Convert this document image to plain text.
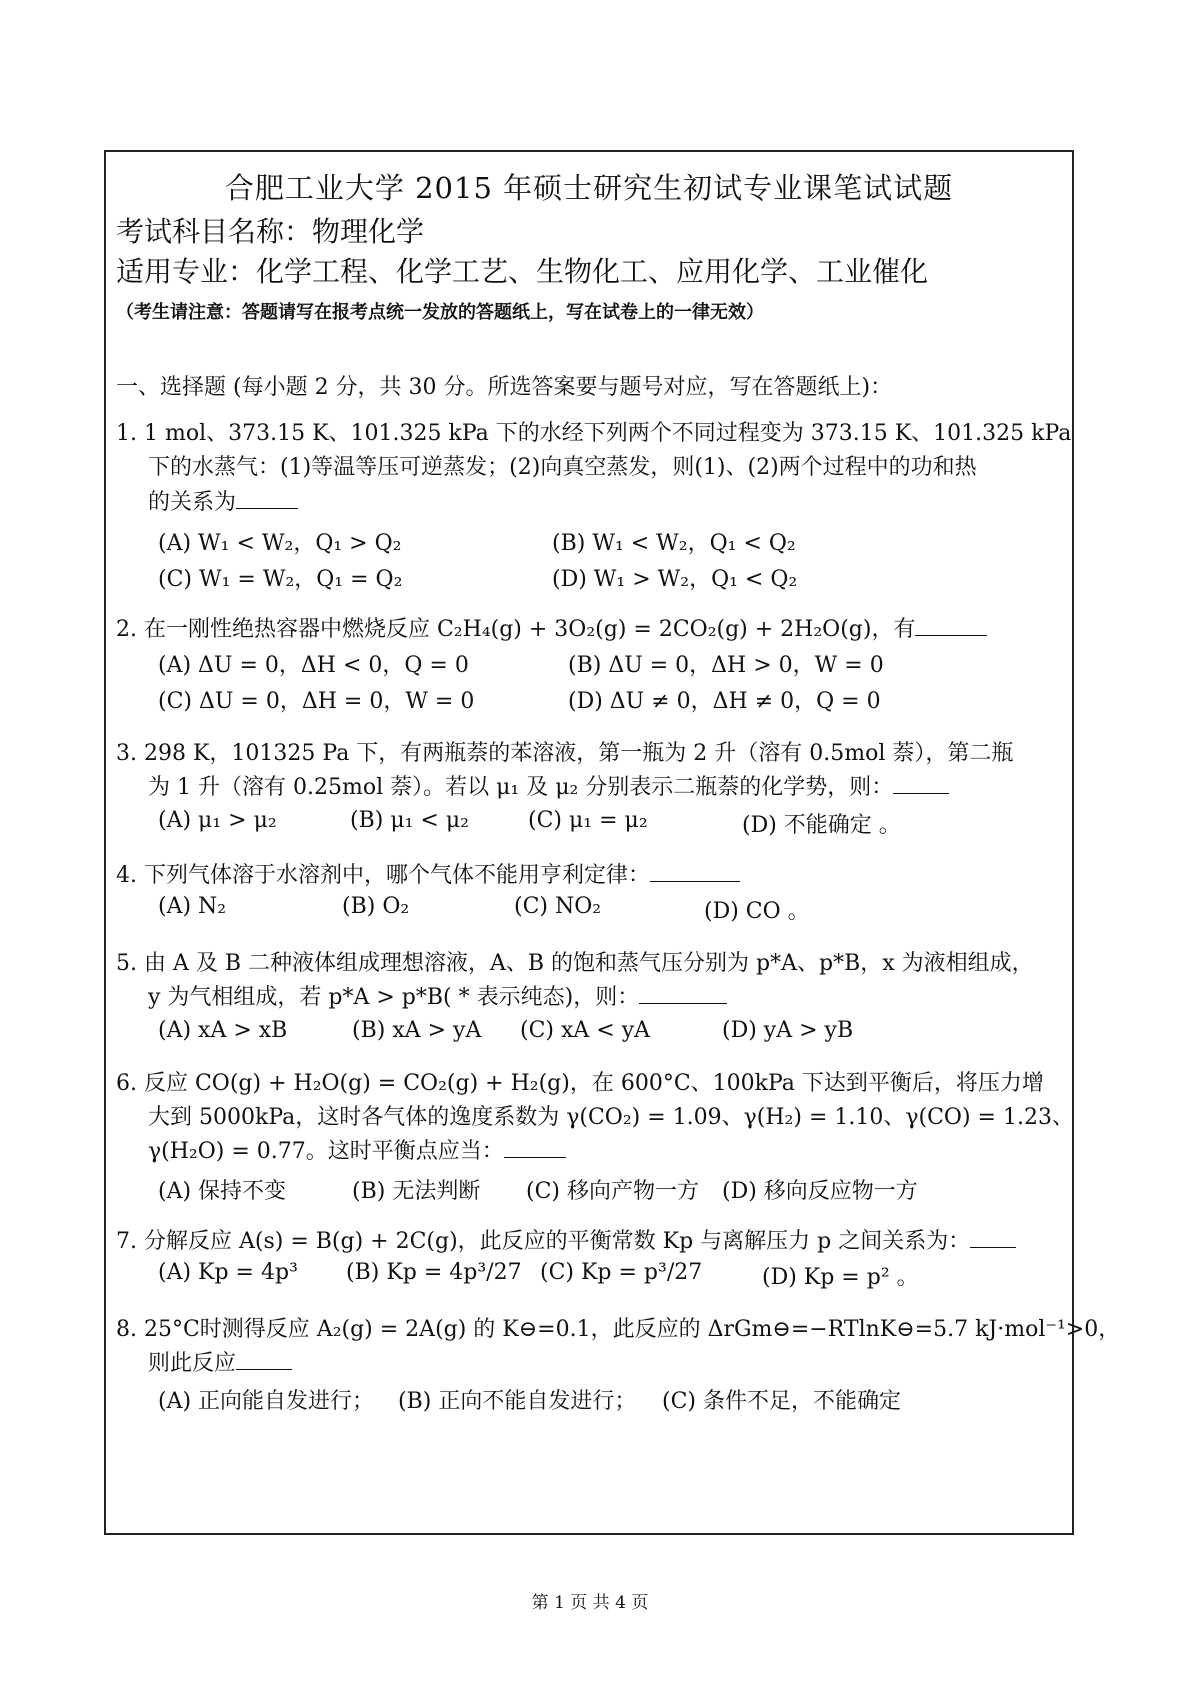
合肥工业大学 2015 年硕士研究生初试专业课笔试试题
考试科目名称：物理化学
适用专业：化学工程、化学工艺、生物化工、应用化学、工业催化
（考生请注意：答题请写在报考点统一发放的答题纸上，写在试卷上的一律无效）
一、选择题 (每小题 2 分，共 30 分。所选答案要与题号对应，写在答题纸上)：
1. 1 mol、373.15 K、101.325 kPa 下的水经下列两个不同过程变为 373.15 K、101.325 kPa
下的水蒸气：(1)等温等压可逆蒸发；(2)向真空蒸发，则(1)、(2)两个过程中的功和热
的关系为
(A) W₁ < W₂，Q₁ > Q₂	(B) W₁ < W₂，Q₁ < Q₂
(C) W₁ = W₂，Q₁ = Q₂	(D) W₁ > W₂，Q₁ < Q₂
2. 在一刚性绝热容器中燃烧反应 C₂H₄(g) + 3O₂(g) = 2CO₂(g) + 2H₂O(g)，有
(A) ΔU = 0，ΔH < 0，Q = 0	(B) ΔU = 0，ΔH > 0，W = 0
(C) ΔU = 0，ΔH = 0，W = 0	(D) ΔU ≠ 0，ΔH ≠ 0，Q = 0
3. 298 K，101325 Pa 下，有两瓶萘的苯溶液，第一瓶为 2 升（溶有 0.5mol 萘），第二瓶
为 1 升（溶有 0.25mol 萘）。若以 μ₁ 及 μ₂ 分别表示二瓶萘的化学势，则：
(A) μ₁ > μ₂	(B) μ₁ < μ₂	(C) μ₁ = μ₂	(D) 不能确定 。
4. 下列气体溶于水溶剂中，哪个气体不能用亨利定律：
(A) N₂	(B) O₂	(C) NO₂	(D) CO 。
5. 由 A 及 B 二种液体组成理想溶液，A、B 的饱和蒸气压分别为 p*A、p*B，x 为液相组成，
y 为气相组成，若 p*A > p*B( * 表示纯态)，则：
(A) xA > xB	(B) xA > yA (C) xA < yA	(D) yA > yB
6. 反应 CO(g) + H₂O(g) = CO₂(g) + H₂(g)，在 600°C、100kPa 下达到平衡后，将压力增
大到 5000kPa，这时各气体的逸度系数为 γ(CO₂) = 1.09、γ(H₂) = 1.10、γ(CO) = 1.23、
γ(H₂O) = 0.77。这时平衡点应当：
(A) 保持不变	(B) 无法判断 (C) 移向产物一方 (D) 移向反应物一方
7. 分解反应 A(s) = B(g) + 2C(g)，此反应的平衡常数 Kp 与离解压力 p 之间关系为：
(A) Kp = 4p³ (B) Kp = 4p³/27 (C) Kp = p³/27	(D) Kp = p² 。
8. 25°C时测得反应 A₂(g) = 2A(g) 的 K⊖=0.1，此反应的 ΔrGm⊖=−RTlnK⊖=5.7 kJ·mol⁻¹>0，
则此反应
(A) 正向能自发进行； (B) 正向不能自发进行； (C) 条件不足，不能确定
第 1 页 共 4 页
